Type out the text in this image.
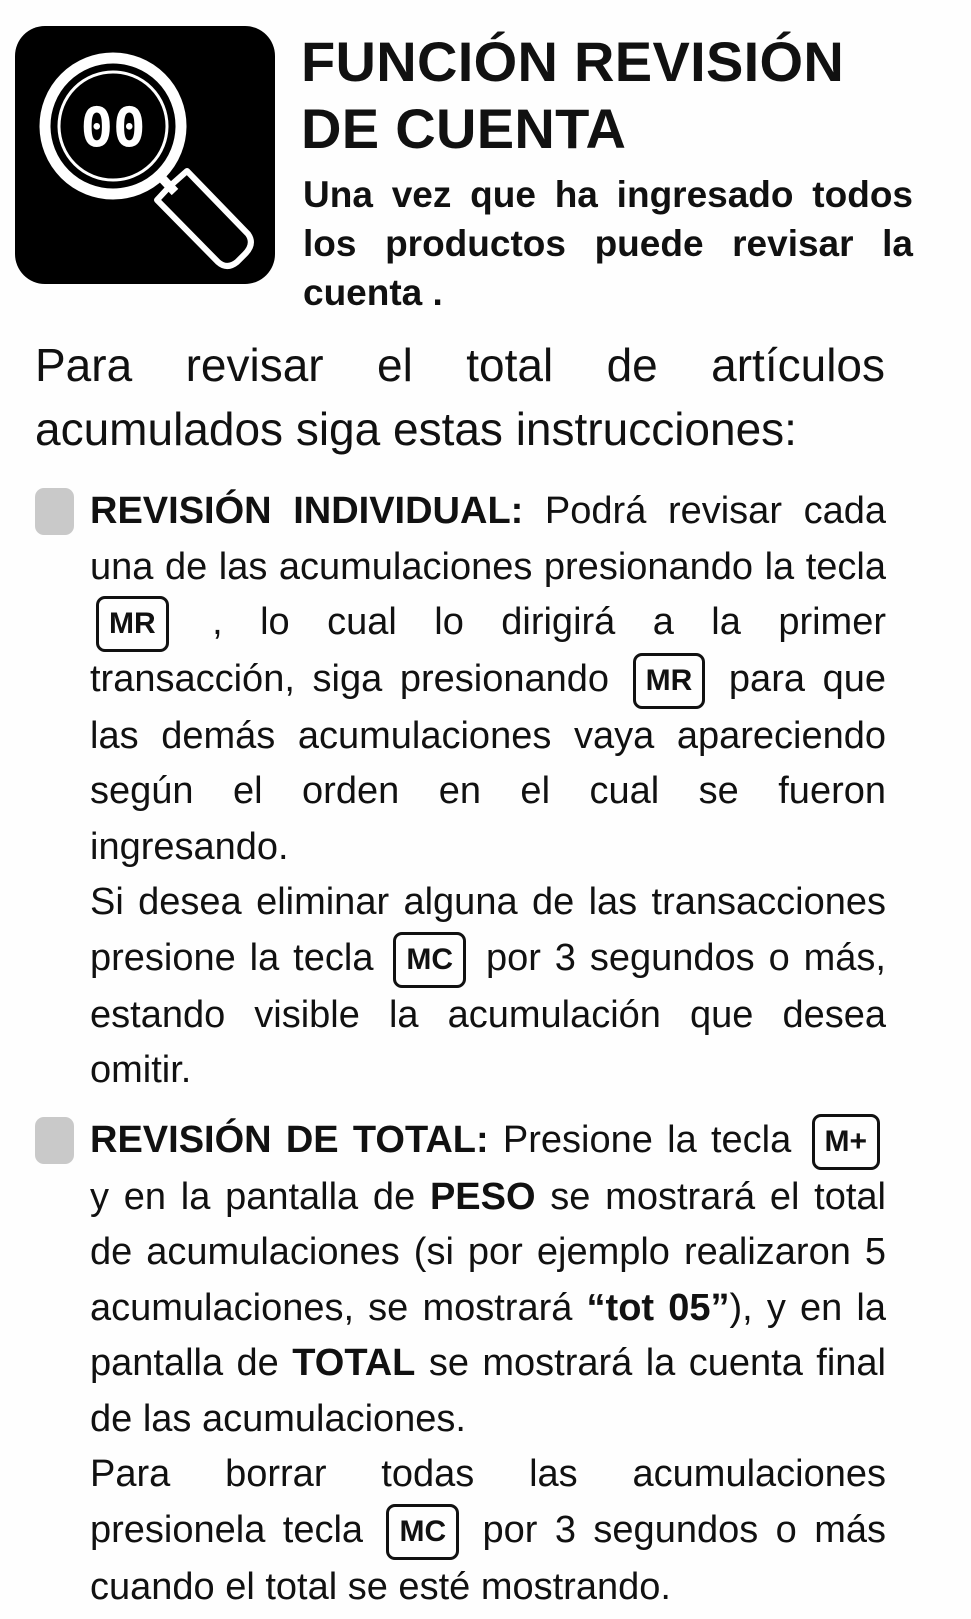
00
FUNCIÓN REVISIÓN
DE CUENTA

Una vez que ha ingresado todos los productos puede revisar la cuenta .

Para revisar el total de artículos acumulados siga estas instrucciones:

REVISIÓN INDIVIDUAL: Podrá revisar cada una de las acumulaciones presionando la tecla MR , lo cual lo dirigirá a la primer transacción, siga presionando MR para que las demás acumulaciones vaya apareciendo según el orden en el cual se fueron ingresando.

Si desea eliminar alguna de las transacciones presione la tecla MC por 3 segundos o más, estando visible la acumulación que desea omitir.

REVISIÓN DE TOTAL: Presione la tecla M+ y en la pantalla de PESO se mostrará el total de acumulaciones (si por ejemplo realizaron 5 acumulaciones, se mostrará “tot 05”), y en la pantalla de TOTAL se mostrará la cuenta final de las acumulaciones.

Para borrar todas las acumulaciones presionela tecla MC por 3 segundos o más cuando el total se esté mostrando.
